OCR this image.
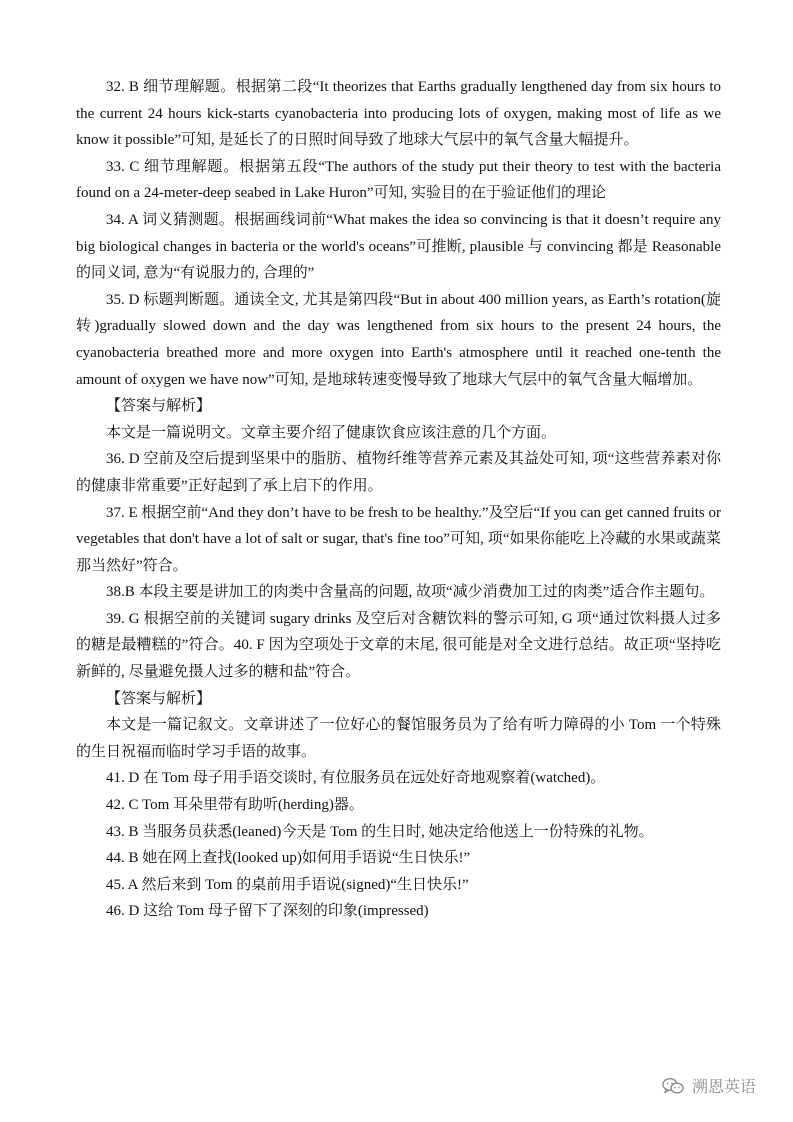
32. B 细节理解题。根据第二段“It theorizes that Earths gradually lengthened day from six hours to the current 24 hours kick-starts cyanobacteria into producing lots of oxygen, making most of life as we know it possible”可知, 是延长了的日照时间导致了地球大气层中的氧气含量大幅提升。

33. C 细节理解题。根据第五段“The authors of the study put their theory to test with the bacteria found on a 24-meter-deep seabed in Lake Huron”可知, 实验目的在于验证他们的理论

34. A 词义猜测题。根据画线词前“What makes the idea so convincing is that it doesn’t require any big biological changes in bacteria or the world's oceans”可推断, plausible 与 convincing 都是 Reasonable 的同义词, 意为“有说服力的, 合理的”

35. D 标题判断题。通读全文, 尤其是第四段“But in about 400 million years, as Earth’s rotation(旋转)gradually slowed down and the day was lengthened from six hours to the present 24 hours, the cyanobacteria breathed more and more oxygen into Earth's atmosphere until it reached one-tenth the amount of oxygen we have now”可知, 是地球转速变慢导致了地球大气层中的氧气含量大幅增加。

【答案与解析】

本文是一篇说明文。文章主要介绍了健康饮食应该注意的几个方面。

36. D 空前及空后提到坚果中的脂肪、植物纤维等营养元素及其益处可知, 项“这些营养素对你的健康非常重要”正好起到了承上启下的作用。

37. E 根据空前“And they don’t have to be fresh to be healthy.”及空后“If you can get canned fruits or vegetables that don't have a lot of salt or sugar, that's fine too”可知, 项“如果你能吃上冷藏的水果或蔬菜那当然好”符合。

38.B 本段主要是讲加工的肉类中含量高的问题, 故项“减少消费加工过的肉类”适合作主题句。

39. G 根据空前的关键词 sugary drinks 及空后对含糖饮料的警示可知, G 项“通过饮料摄人过多的糖是最糟糕的”符合。40. F 因为空项处于文章的末尾, 很可能是对全文进行总结。故正项“坚持吃新鲜的, 尽量避免摄人过多的糖和盐”符合。

【答案与解析】

本文是一篇记叙文。文章讲述了一位好心的餐馆服务员为了给有听力障碍的小 Tom 一个特殊的生日祝福而临时学习手语的故事。

41. D 在 Tom 母子用手语交谈时, 有位服务员在远处好奇地观察着(watched)。

42. C Tom 耳朵里带有助听(herding)器。

43. B 当服务员获悉(leaned)今天是 Tom 的生日时, 她决定给他送上一份特殊的礼物。

44. B 她在网上查找(looked up)如何用手语说“生日快乐!”

45. A 然后来到 Tom 的桌前用手语说(signed)“生日快乐!”

46. D 这给 Tom 母子留下了深刻的印象(impressed)

溯恩英语
